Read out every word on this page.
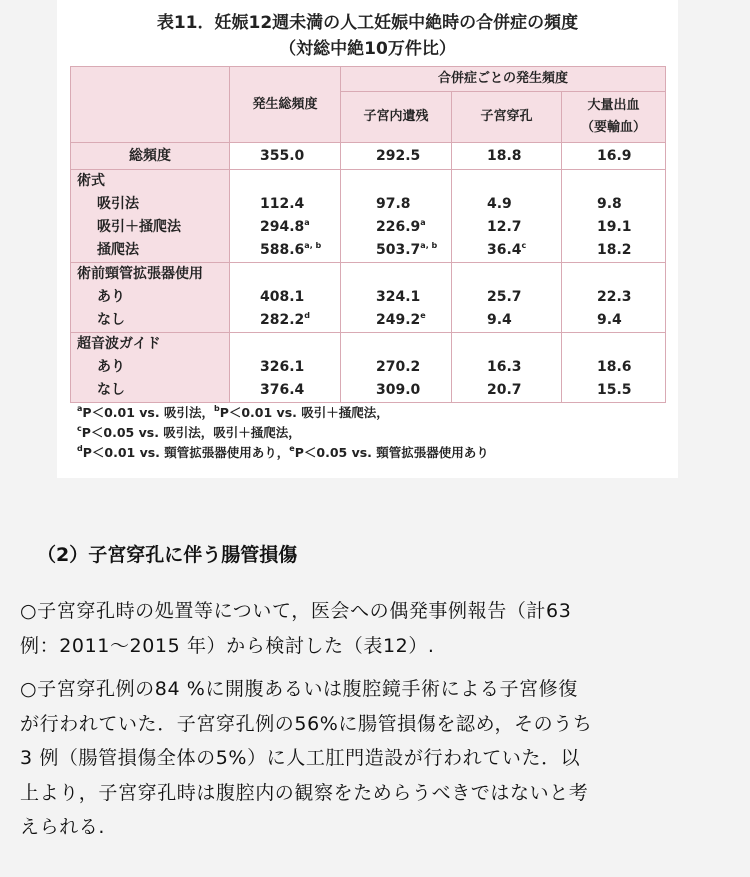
表11．妊娠12週未満の人工妊娠中絶時の合併症の頻度
（対総中絶10万件比）
	発生総頻度	合併症ごとの発生頻度		
		子宮内遺残	子宮穿孔	大量出血
（要輸血）

総頻度	355.0	292.5	18.8	16.9
術式				
吸引法	112.4	97.8	4.9	9.8
吸引＋掻爬法	294.8$^a$	226.9$^a$	12.7	19.1
掻爬法	588.6$^{a, b}$	503.7$^{a, b}$	36.4$^c$	18.2
術前頸管拡張器使用				
あり	408.1	324.1	25.7	22.3
なし	282.2$^d$	249.2e	9.4	9.4
超音波ガイド				
あり	326.1	270.2	16.3	18.6
なし	376.4	309.0	20.7	15.5
$^a$P＜0.01 vs. 吸引法，$^b$P＜0.01 vs. 吸引＋掻爬法，
$^c$P＜0.05 vs. 吸引法，吸引＋掻爬法，
$^d$P＜0.01 vs. 頸管拡張器使用あり，$^e$P＜0.05 vs. 頸管拡張器使用あり
（2）子宮穿孔に伴う腸管損傷
○子宮穿孔時の処置等について，医会への偶発事例報告（計63
例：2011〜2015 年）から検討した（表12）.
○子宮穿孔例の84 %に開腹あるいは腹腔鏡手術による子宮修復
が行われていた．子宮穿孔例の56%に腸管損傷を認め，そのうち
3 例（腸管損傷全体の5%）に人工肛門造設が行われていた．以
上より，子宮穿孔時は腹腔内の観察をためらうべきではないと考
えられる.
